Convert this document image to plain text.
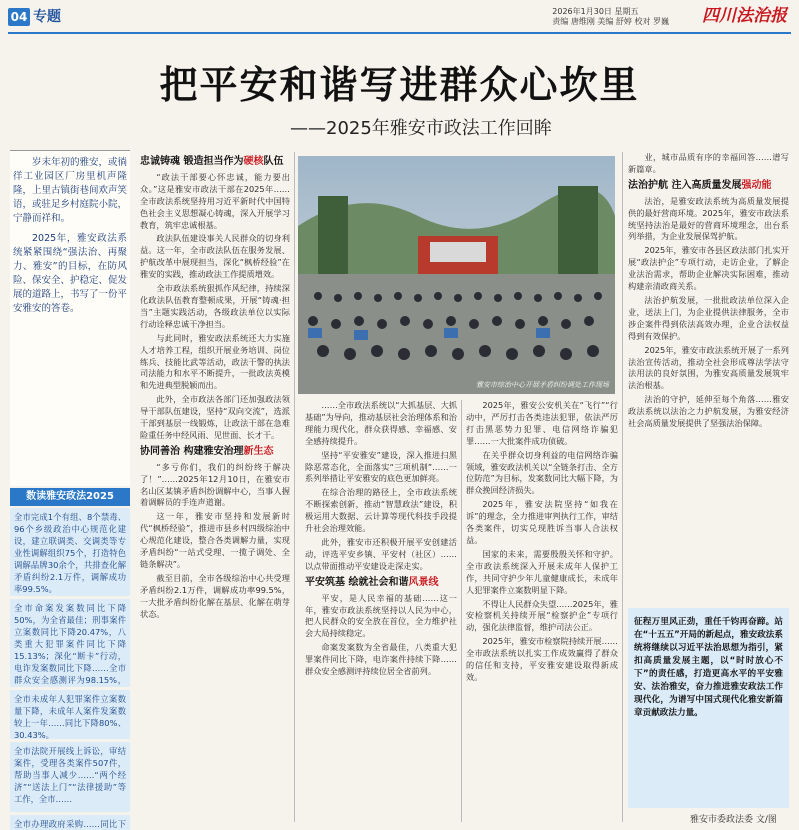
04 专题	2026年1月30日 星期五
责编 唐维刚 美编 舒婷 校对 罗巍 四川法治报
把平安和谐写进群众心坎里
——2025年雅安市政法工作回眸

岁末年初的雅安，或徜徉工业园区厂房里机声隆隆，上里古镇街巷间欢声笑语，或驻足乡村庭院小院，宁静而祥和。

2025年，雅安政法系统紧紧围绕“强法治、再聚力、雅安”的目标，在防风险、保安全、护稳定、促发展的道路上，书写了一份平安雅安的答卷。

数读雅安政法2025
全市完成1个有组、8个禁毒、96个乡级政治中心规范化建设，建立联调类、交调类等专业性调解组织75个，打造特色调解品牌30余个，共排查化解矛盾纠纷2.1万件，调解成功率99.5%。
全市命案发案数同比下降50%，为全省最佳；刑事案件立案数同比下降20.47%，八类重大犯罪案件同比下降15.13%；深化“断卡”行动，电诈发案数同比下降……全市群众安全感测评为98.15%，
全市未成年人犯罪案件立案数量下降，未成年人案件发案数较上一年……同比下降80%、30.43%。
全市法院开展线上诉讼，审结案件，受理各类案件507件，帮助当事人减少……“两个经济”“送法上门”“法律援助”等工作，全市……
全市办理政府采购……同比下
忠诚铸魂 锻造担当作为硬核队伍

“政法干部要心怀忠诚，能力要出众。”这是雅安市政法干部在2025年……全市政法系统坚持用习近平新时代中国特色社会主义思想凝心铸魂，深入开展学习教育，筑牢忠诚根基。

政法队伍建设事关人民群众的切身利益。这一年，全市政法队伍在服务发展、护航改革中展现担当，深化“枫桥经验”在雅安的实践，推动政法工作提质增效。

全市政法系统狠抓作风纪律，持续深化政法队伍教育整顿成果，开展“铸魂·担当”主题实践活动，各级政法单位以实际行动诠释忠诚干净担当。

与此同时，雅安政法系统还大力实施人才培养工程，组织开展业务培训、岗位练兵、技能比武等活动，政法干警的执法司法能力和水平不断提升，一批政法英模和先进典型脱颖而出。

此外，全市政法各部门还加强政法领导干部队伍建设，坚持“双向交流”，选派干部到基层一线锻炼，让政法干部在急难险重任务中经风雨、见世面、长才干。

协同善治 构建雅安治理新生态

“多亏你们，我们的纠纷终于解决了！”……2025年12月10日，在雅安市名山区某镇矛盾纠纷调解中心，当事人握着调解员的手连声道谢。

这一年，雅安市坚持和发展新时代“枫桥经验”，推进市县乡村四级综治中心规范化建设，整合各类调解力量，实现矛盾纠纷“一站式受理、一揽子调处、全链条解决”。

截至目前，全市各级综治中心共受理矛盾纠纷2.1万件，调解成功率99.5%，一大批矛盾纠纷化解在基层、化解在萌芽状态。

雅安市综治中心开展矛盾纠纷调处工作现场

……全市政法系统以“大抓基层、大抓基础”为导向，推动基层社会治理体系和治理能力现代化，群众获得感、幸福感、安全感持续提升。

坚持“平安雅安”建设，深入推进扫黑除恶常态化，全面落实“三项机制”……一系列举措让平安雅安的底色更加鲜亮。

在综合治理的路径上，全市政法系统不断探索创新，推动“智慧政法”建设，积极运用大数据、云计算等现代科技手段提升社会治理效能。

此外，雅安市还积极开展平安创建活动，评选平安乡镇、平安村（社区）……以点带面推动平安建设走深走实。

平安筑基 绘就社会和谐风景线

平安，是人民幸福的基础……这一年，雅安市政法系统坚持以人民为中心，把人民群众的安全放在首位，全力维护社会大局持续稳定。

命案发案数为全省最佳，八类重大犯罪案件同比下降，电诈案件持续下降……群众安全感测评持续位居全省前列。

2025年，雅安公安机关在“飞行”“行动中，严厉打击各类违法犯罪，依法严厉打击黑恶势力犯罪、电信网络诈骗犯罪……一大批案件成功侦破。

在关乎群众切身利益的电信网络诈骗领域，雅安政法机关以“全链条打击、全方位防范”为目标，发案数同比大幅下降，为群众挽回经济损失。

2025年，雅安法院坚持“如我在诉”的理念，全力推进审判执行工作，审结各类案件，切实兑现胜诉当事人合法权益。

国家的未来，需要殷殷关怀和守护。全市政法系统深入开展未成年人保护工作，共同守护少年儿童健康成长，未成年人犯罪案件立案数明显下降。

不得让人民群众失望……2025年，雅安检察机关持续开展“检察护企”专项行动，强化法律监督，维护司法公正。

2025年，雅安市检察院持续开展……全市政法系统以扎实工作成效赢得了群众的信任和支持，平安雅安建设取得新成效。

业，城市品质有序的幸福回答……谱写新篇章。

法治护航 注入高质量发展强动能

法治，是雅安政法系统为高质量发展提供的最好营商环境。2025年，雅安市政法系统坚持法治是最好的营商环境理念，出台系列举措，为企业发展保驾护航。

2025年，雅安市各县区政法部门扎实开展“政法护企”专项行动，走访企业，了解企业法治需求，帮助企业解决实际困难，推动构建亲清政商关系。

法治护航发展，一批批政法单位深入企业，送法上门，为企业提供法律服务，全市涉企案件得到依法高效办理，企业合法权益得到有效保护。

2025年，雅安市政法系统开展了一系列法治宣传活动，推动全社会形成尊法学法守法用法的良好氛围，为雅安高质量发展筑牢法治根基。

法治的守护，延伸至每个角落……雅安政法系统以法治之力护航发展，为雅安经济社会高质量发展提供了坚强法治保障。

征程万里风正劲，重任千钧再奋蹄。站在“十五五”开局的新起点，雅安政法系统将继续以习近平法治思想为指引，紧扣高质量发展主题，以“时时放心不下”的责任感，打造更高水平的平安雅安、法治雅安，奋力推进雅安政法工作现代化，为谱写中国式现代化雅安新篇章贡献政法力量。
雅安市委政法委 文/图
